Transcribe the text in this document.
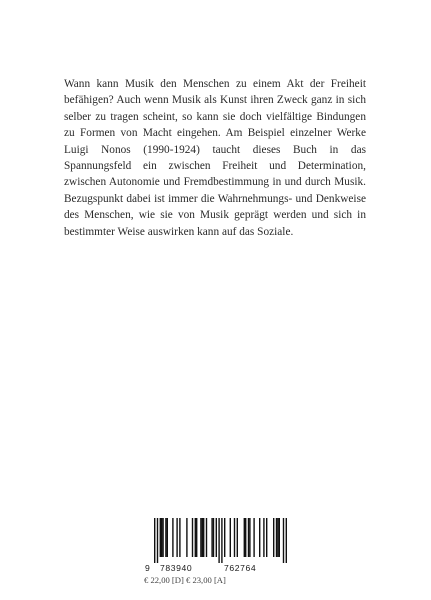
Wann kann Musik den Menschen zu einem Akt der Freiheit befähigen? Auch wenn Musik als Kunst ihren Zweck ganz in sich selber zu tragen scheint, so kann sie doch vielfältige Bindungen zu Formen von Macht eingehen. Am Beispiel einzelner Werke Luigi Nonos (1990-1924) taucht dieses Buch in das Spannungsfeld ein zwischen Freiheit und Determination, zwischen Autonomie und Fremdbestimmung in und durch Musik. Bezugspunkt dabei ist immer die Wahrnehmungs- und Denkweise des Menschen, wie sie von Musik geprägt werden und sich in bestimmter Weise auswirken kann auf das Soziale.

9 783940	762764
€ 22,00 [D] € 23,00 [A]
